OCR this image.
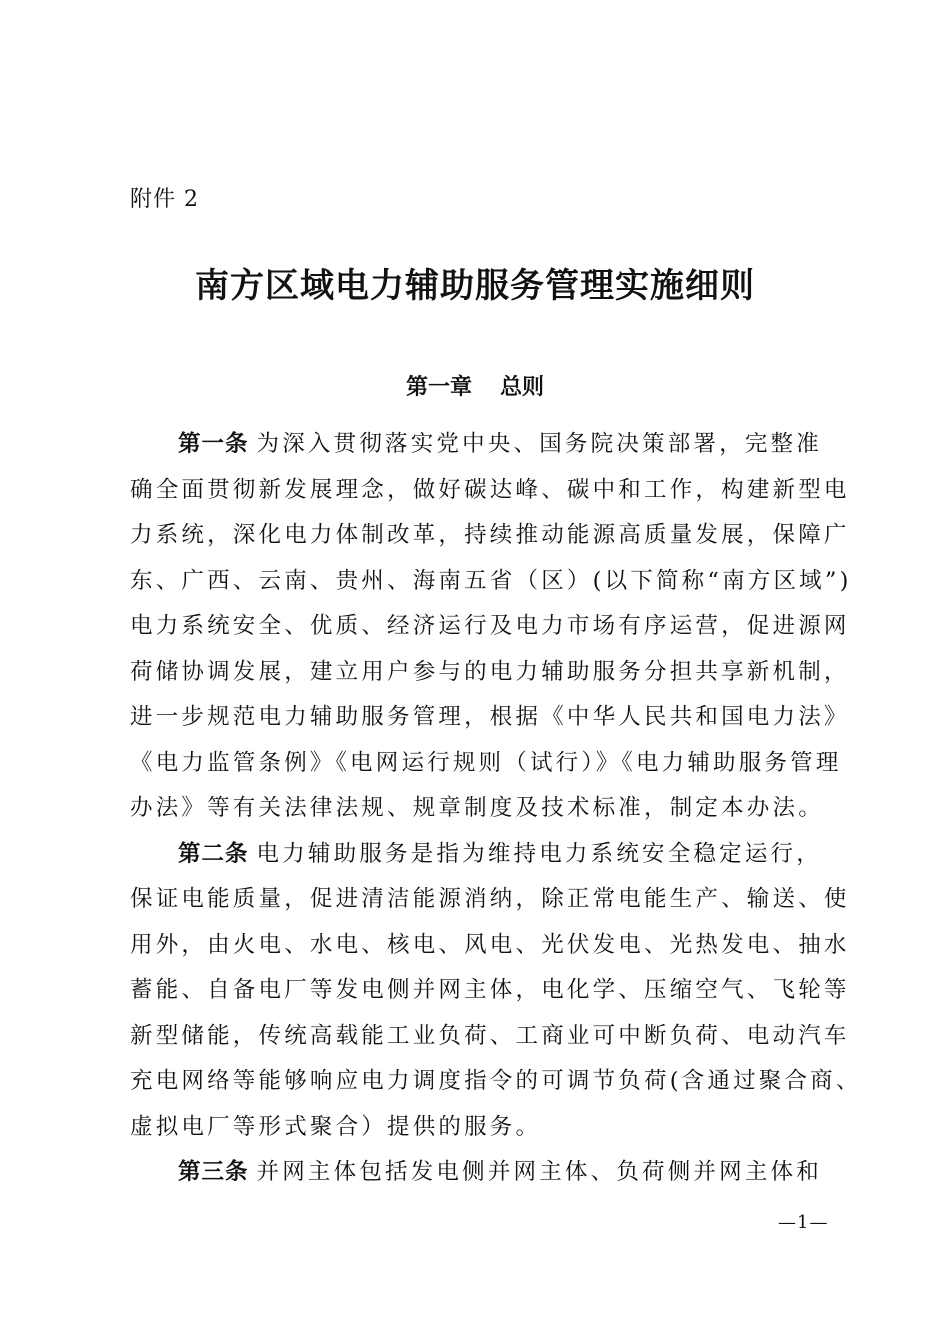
附件 2
南方区域电力辅助服务管理实施细则
第一章 总则
第一条 为深入贯彻落实党中央、国务院决策部署，完整准
确全面贯彻新发展理念，做好碳达峰、碳中和工作，构建新型电
力系统，深化电力体制改革，持续推动能源高质量发展，保障广
东、广西、云南、贵州、海南五省（区）(以下简称“南方区域”)
电力系统安全、优质、经济运行及电力市场有序运营，促进源网
荷储协调发展，建立用户参与的电力辅助服务分担共享新机制，
进一步规范电力辅助服务管理，根据《中华人民共和国电力法》
《电力监管条例》《电网运行规则（试行）》《电力辅助服务管理
办法》等有关法律法规、规章制度及技术标准，制定本办法。
第二条 电力辅助服务是指为维持电力系统安全稳定运行，
保证电能质量，促进清洁能源消纳，除正常电能生产、输送、使
用外，由火电、水电、核电、风电、光伏发电、光热发电、抽水
蓄能、自备电厂等发电侧并网主体，电化学、压缩空气、飞轮等
新型储能，传统高载能工业负荷、工商业可中断负荷、电动汽车
充电网络等能够响应电力调度指令的可调节负荷(含通过聚合商、
虚拟电厂等形式聚合）提供的服务。
第三条 并网主体包括发电侧并网主体、负荷侧并网主体和
—1—
